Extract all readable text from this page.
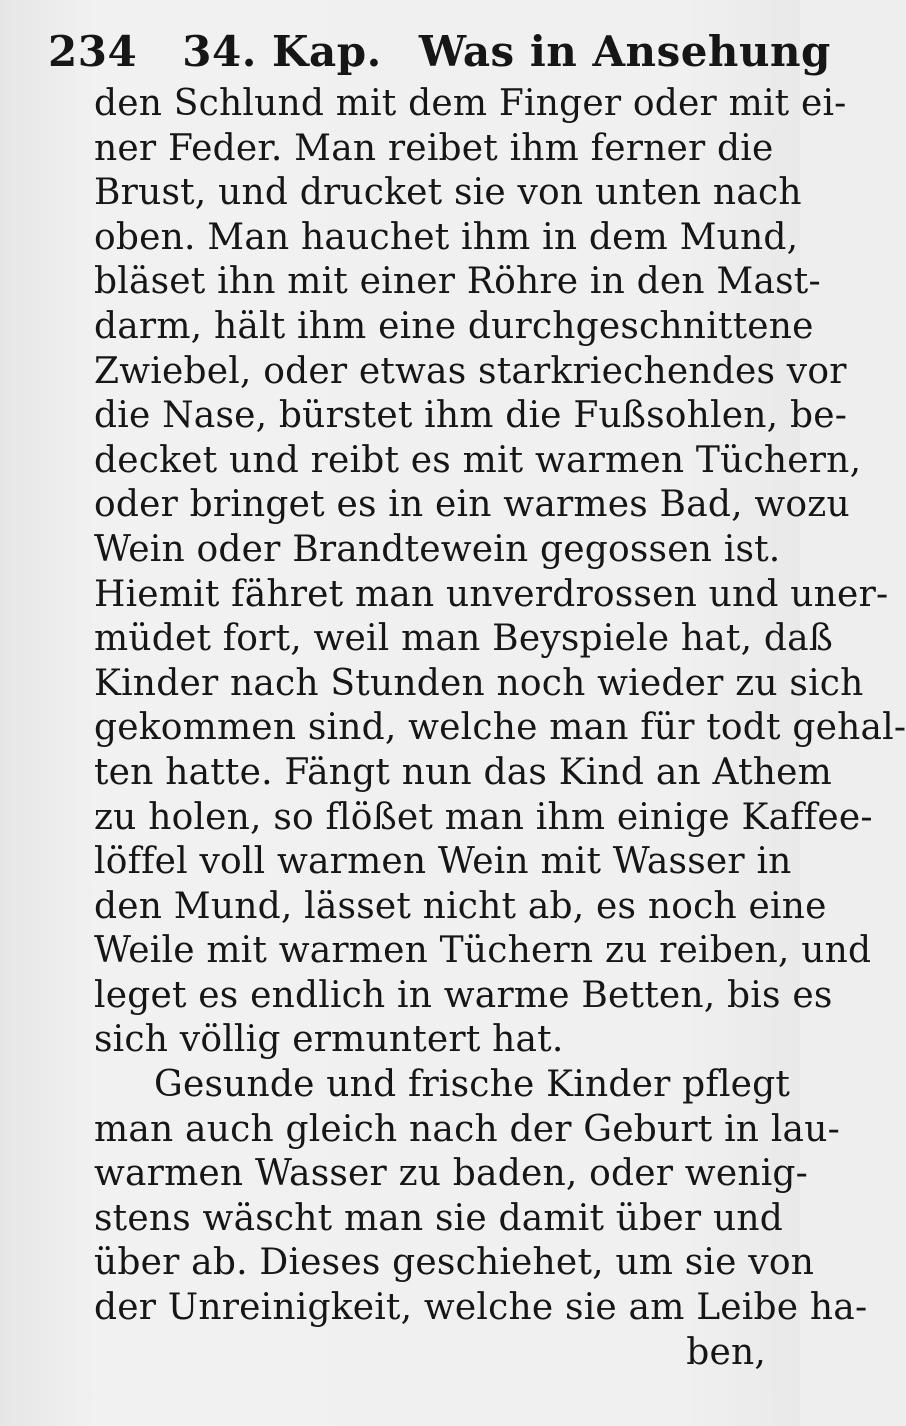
234 34. Kap. Was in Ansehung
den Schlund mit dem Finger oder mit ei-
ner Feder. Man reibet ihm ferner die
Brust, und drucket sie von unten nach
oben. Man hauchet ihm in dem Mund,
bläset ihn mit einer Röhre in den Mast-
darm, hält ihm eine durchgeschnittene
Zwiebel, oder etwas starkriechendes vor
die Nase, bürstet ihm die Fußsohlen, be-
decket und reibt es mit warmen Tüchern,
oder bringet es in ein warmes Bad, wozu
Wein oder Brandtewein gegossen ist.
Hiemit fähret man unverdrossen und uner-
müdet fort, weil man Beyspiele hat, daß
Kinder nach Stunden noch wieder zu sich
gekommen sind, welche man für todt gehal-
ten hatte. Fängt nun das Kind an Athem
zu holen, so flößet man ihm einige Kaffee-
löffel voll warmen Wein mit Wasser in
den Mund, lässet nicht ab, es noch eine
Weile mit warmen Tüchern zu reiben, und
leget es endlich in warme Betten, bis es
sich völlig ermuntert hat.
Gesunde und frische Kinder pflegt
man auch gleich nach der Geburt in lau-
warmen Wasser zu baden, oder wenig-
stens wäscht man sie damit über und
über ab. Dieses geschiehet, um sie von
der Unreinigkeit, welche sie am Leibe ha-
ben,
